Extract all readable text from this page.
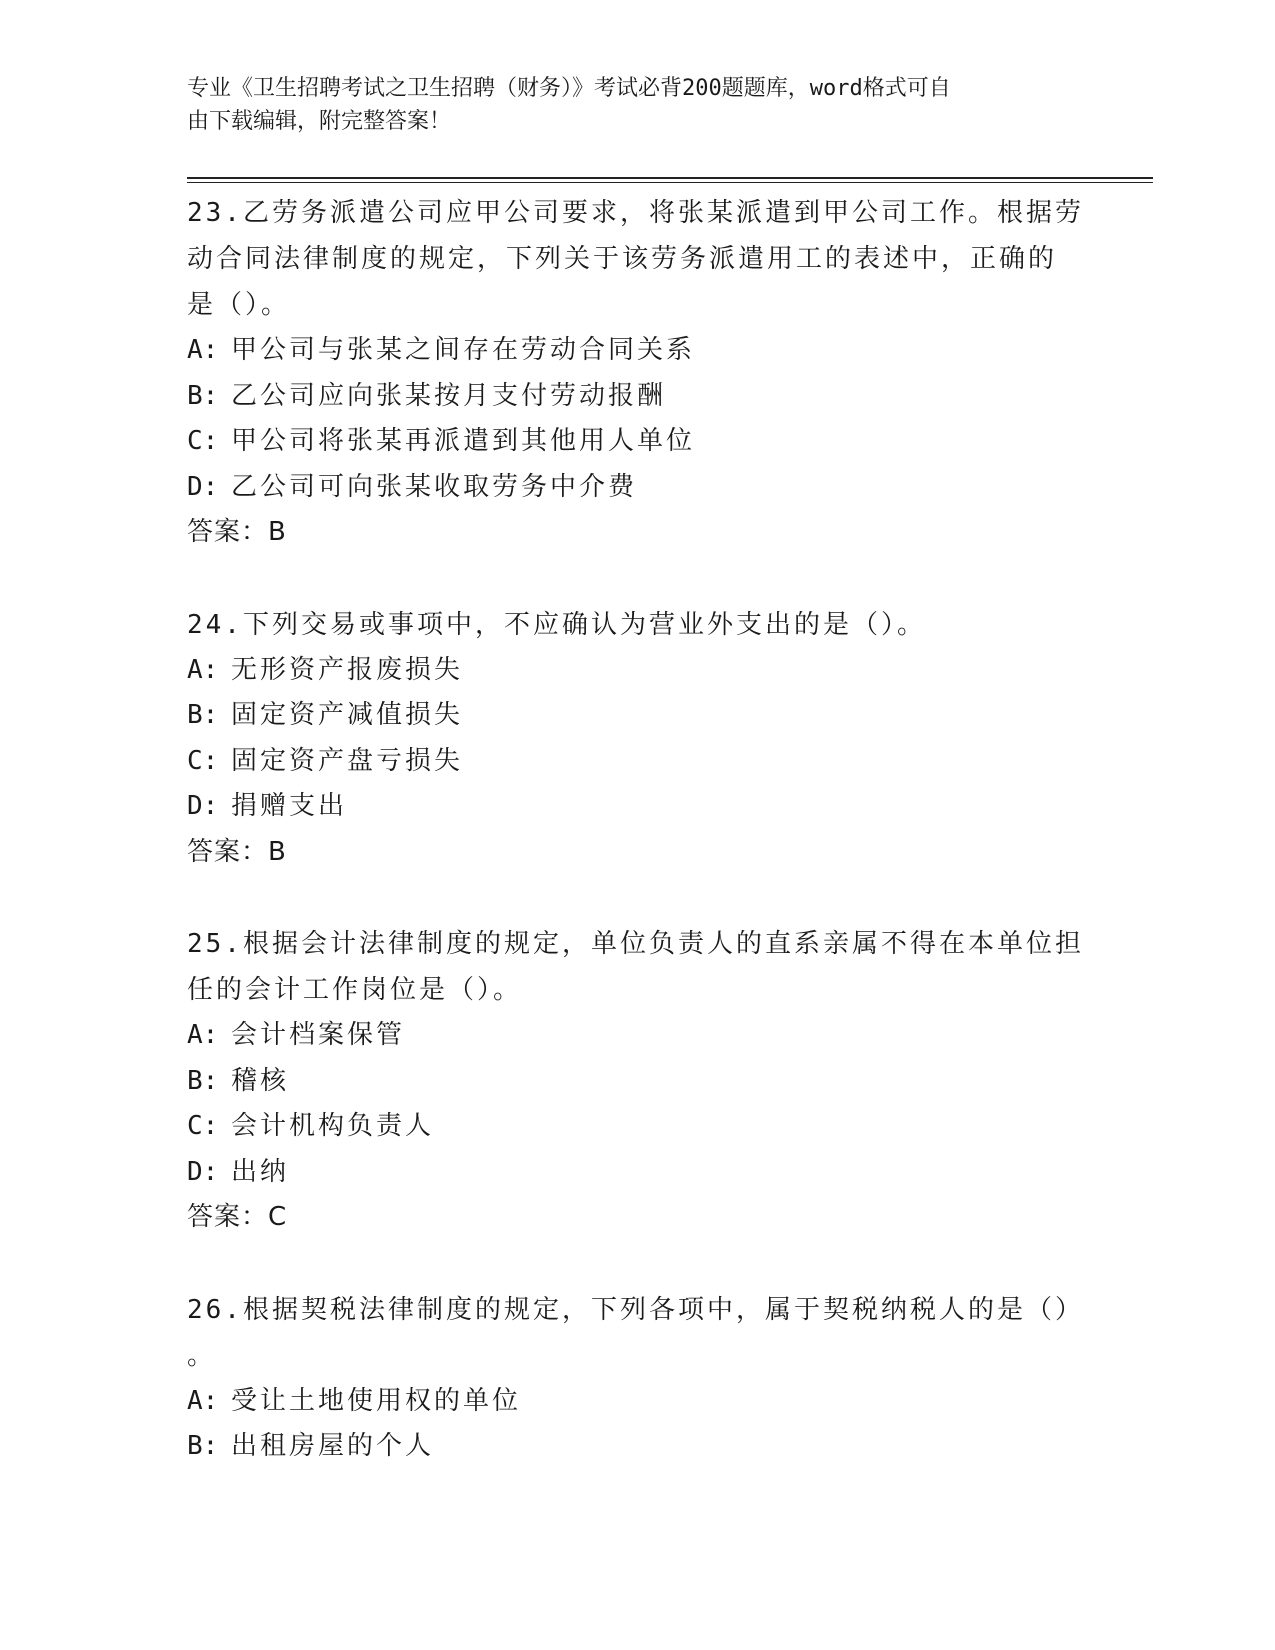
专业《卫生招聘考试之卫生招聘（财务）》考试必背200题题库，word格式可自
由下载编辑，附完整答案！
23.乙劳务派遣公司应甲公司要求，将张某派遣到甲公司工作。根据劳
动合同法律制度的规定，下列关于该劳务派遣用工的表述中，正确的
是（）。
A: 甲公司与张某之间存在劳动合同关系
B: 乙公司应向张某按月支付劳动报酬
C: 甲公司将张某再派遣到其他用人单位
D: 乙公司可向张某收取劳务中介费
答案：B
24.下列交易或事项中，不应确认为营业外支出的是（）。
A: 无形资产报废损失
B: 固定资产减值损失
C: 固定资产盘亏损失
D: 捐赠支出
答案：B
25.根据会计法律制度的规定，单位负责人的直系亲属不得在本单位担
任的会计工作岗位是（）。
A: 会计档案保管
B: 稽核
C: 会计机构负责人
D: 出纳
答案：C
26.根据契税法律制度的规定，下列各项中，属于契税纳税人的是（）
。
A: 受让土地使用权的单位
B: 出租房屋的个人
